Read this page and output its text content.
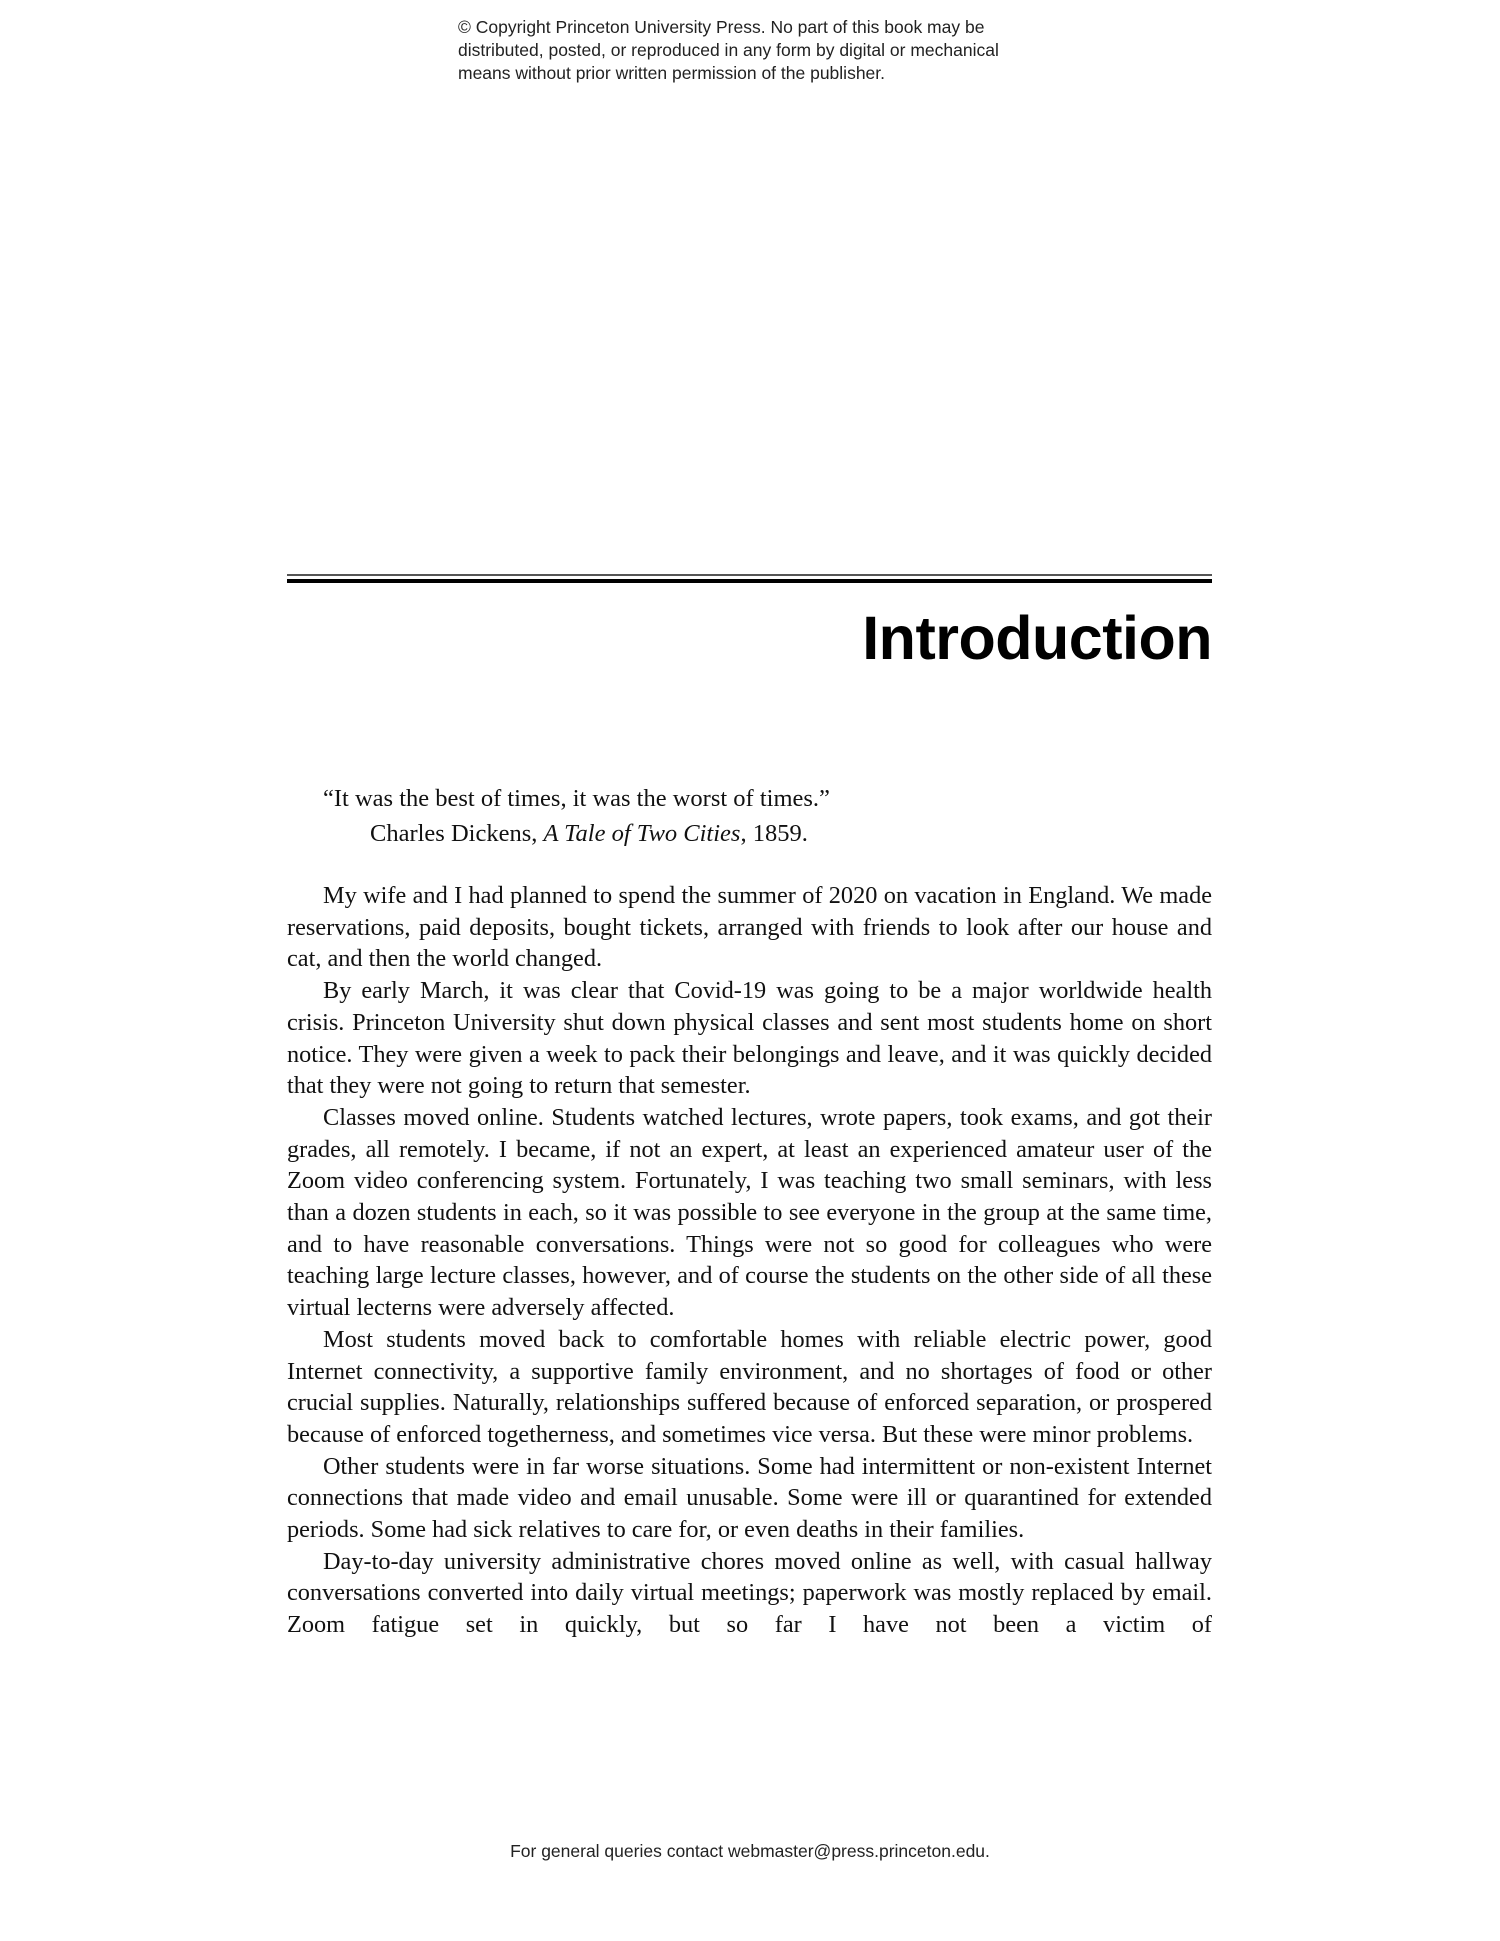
© Copyright Princeton University Press. No part of this book may be
distributed, posted, or reproduced in any form by digital or mechanical
means without prior written permission of the publisher.
Introduction
“It was the best of times, it was the worst of times.”
Charles Dickens, A Tale of Two Cities, 1859.

My wife and I had planned to spend the summer of 2020 on vacation in England. We made reservations, paid deposits, bought tickets, arranged with friends to look after our house and cat, and then the world changed.

By early March, it was clear that Covid-19 was going to be a major worldwide health crisis. Princeton University shut down physical classes and sent most students home on short notice. They were given a week to pack their belongings and leave, and it was quickly decided that they were not going to return that semester.

Classes moved online. Students watched lectures, wrote papers, took exams, and got their grades, all remotely. I became, if not an expert, at least an experienced amateur user of the Zoom video conferencing system. Fortunately, I was teaching two small seminars, with less than a dozen students in each, so it was possible to see everyone in the group at the same time, and to have reasonable conversations. Things were not so good for colleagues who were teaching large lecture classes, however, and of course the students on the other side of all these virtual lecterns were adversely affected.

Most students moved back to comfortable homes with reliable electric power, good Internet connectivity, a supportive family environment, and no shortages of food or other crucial supplies. Naturally, relationships suffered because of enforced separation, or prospered because of enforced togetherness, and sometimes vice versa. But these were minor problems.

Other students were in far worse situations. Some had intermittent or non-existent Internet connections that made video and email unusable. Some were ill or quarantined for extended periods. Some had sick relatives to care for, or even deaths in their families.

Day-to-day university administrative chores moved online as well, with casual hallway conversations converted into daily virtual meetings; paperwork was mostly replaced by email. Zoom fatigue set in quickly, but so far I have not been a victim of

For general queries contact webmaster@press.princeton.edu.
